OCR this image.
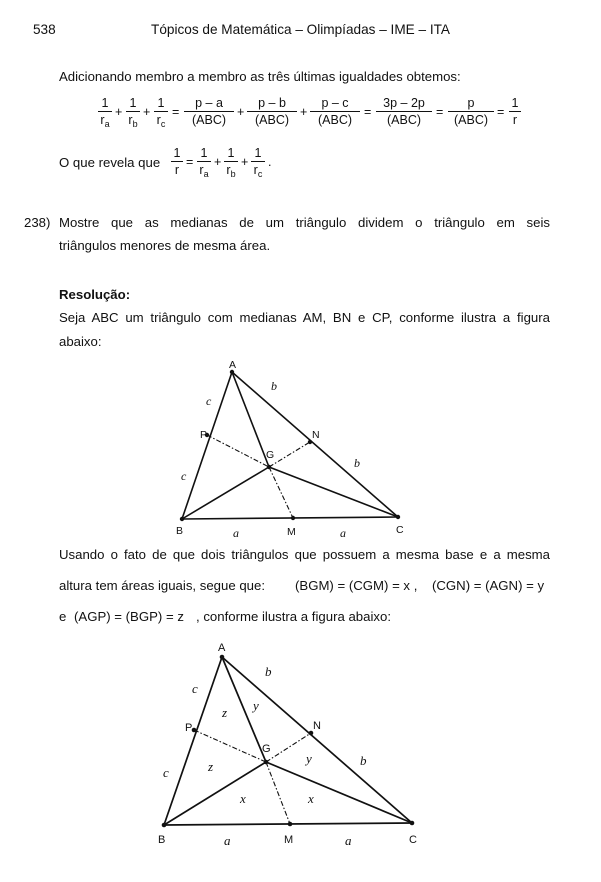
538	Tópicos de Matemática – Olimpíadas – IME – ITA
Adicionando membro a membro as três últimas igualdades obtemos:
$\frac{1}{r_a} + \frac{1}{r_b} + \frac{1}{r_c}$ =
p – a
(ABC)
+
p – b
(ABC)
+
p – c
(ABC)
=
3p – 2p
(ABC)
=
p
(ABC)
= $\frac{1}{r}$
O que revela que $\frac{1}{r} = \frac{1}{r_a} + \frac{1}{r_b} + \frac{1}{r_c}$ .
238) Mostre que as medianas de um triângulo dividem o triângulo em seis
triângulos menores de mesma área.
Resolução:
Seja ABC um triângulo com medianas AM, BN e CP, conforme ilustra a figura
abaixo:
A
B	C
M
N
P
G
c
c
b
b
a	a
Usando o fato de que dois triângulos que possuem a mesma base e a mesma
altura tem áreas iguais, segue que: (BGM) = (CGM) = x , (CGN) = (AGN) = y
e (AGP) = (BGP) = z , conforme ilustra a figura abaixo:
A
B	C
M
N
P
G
c
c
b
b
a	a
z y
z
y
x	x
